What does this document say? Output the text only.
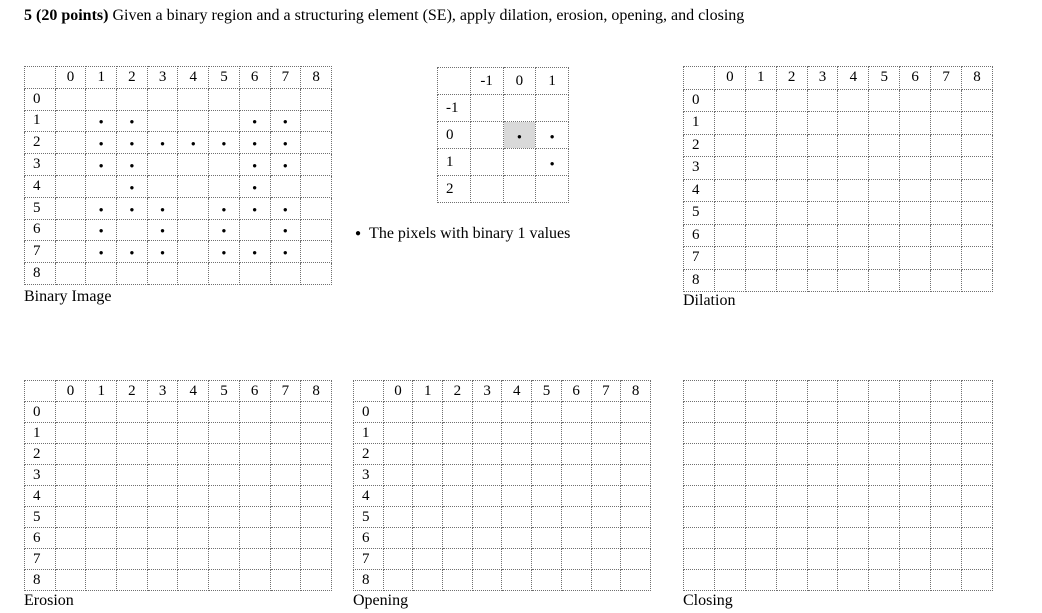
5 (20 points) Given a binary region and a structuring element (SE), apply dilation, erosion, opening, and closing
	0	1	2	3	4	5	6	7	8
0									
1		●	●				●	●	
2		●	●	●	●	●	●	●	
3		●	●				●	●	
4			●				●		
5		●	●	●		●	●	●	
6		●		●		●		●	
7		●	●	●		●	●	●	
8									
Binary Image
	-1	0	1
-1			
0		●	●
1			●
2			
● The pixels with binary 1 values
	0	1	2	3	4	5	6	7	8
0									
1									
2									
3									
4									
5									
6									
7									
8									
Dilation
	0	1	2	3	4	5	6	7	8
0									
1									
2									
3									
4									
5									
6									
7									
8									
Erosion
	0	1	2	3	4	5	6	7	8
0									
1									
2									
3									
4									
5									
6									
7									
8									
Opening

										Closing
